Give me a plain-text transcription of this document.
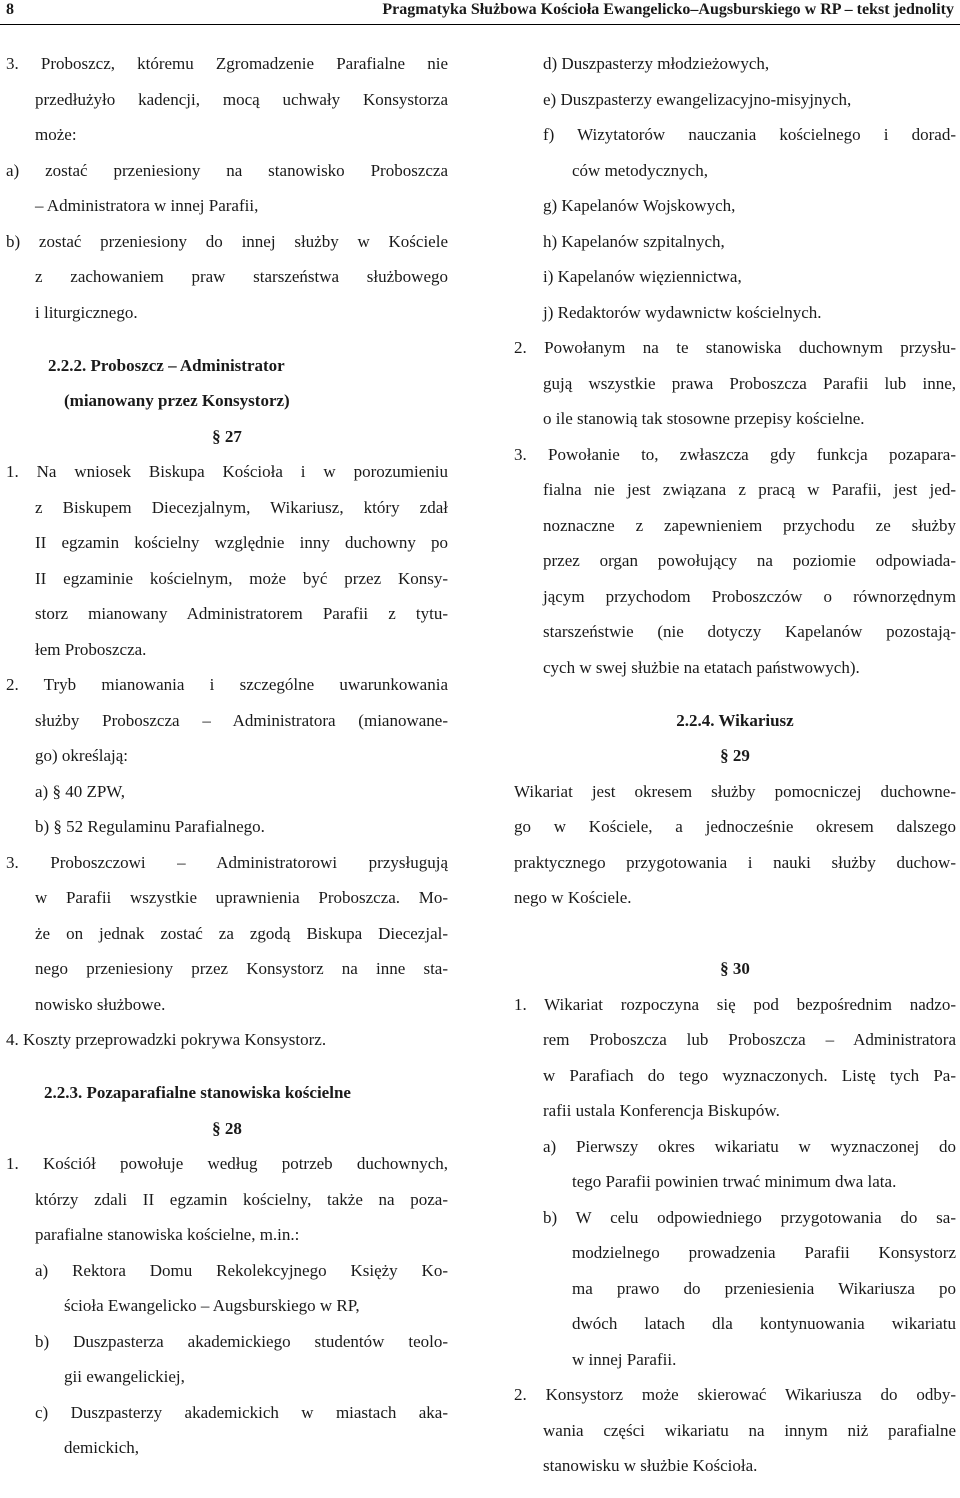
8	Pragmatyka Służbowa Kościoła Ewangelicko–Augsburskiego w RP – tekst jednolity
3. Proboszcz, któremu Zgromadzenie Parafialne nie
przedłużyło kadencji, mocą uchwały Konsystorza
może:
a) zostać przeniesiony na stanowisko Proboszcza
– Administratora w innej Parafii,
b) zostać przeniesiony do innej służby w Kościele
z zachowaniem praw starszeństwa służbowego
i liturgicznego.
2.2.2. Proboszcz – Administrator
(mianowany przez Konsystorz)
§ 27
1. Na wniosek Biskupa Kościoła i w porozumieniu
z Biskupem Diecezjalnym, Wikariusz, który zdał
II egzamin kościelny względnie inny duchowny po
II egzaminie kościelnym, może być przez Konsy-
storz mianowany Administratorem Parafii z tytu-
łem Proboszcza.
2. Tryb mianowania i szczególne uwarunkowania
służby Proboszcza – Administratora (mianowane-
go) określają:
a) § 40 ZPW,
b) § 52 Regulaminu Parafialnego.
3. Proboszczowi – Administratorowi przysługują
w Parafii wszystkie uprawnienia Proboszcza. Mo-
że on jednak zostać za zgodą Biskupa Diecezjal-
nego przeniesiony przez Konsystorz na inne sta-
nowisko służbowe.
4. Koszty przeprowadzki pokrywa Konsystorz.
2.2.3. Pozaparafialne stanowiska kościelne
§ 28
1. Kościół powołuje według potrzeb duchownych,
którzy zdali II egzamin kościelny, także na poza-
parafialne stanowiska kościelne, m.in.:
a) Rektora Domu Rekolekcyjnego Księży Ko-
ścioła Ewangelicko – Augsburskiego w RP,
b) Duszpasterza akademickiego studentów teolo-
gii ewangelickiej,
c) Duszpasterzy akademickich w miastach aka-
demickich,
d) Duszpasterzy młodzieżowych,
e) Duszpasterzy ewangelizacyjno-misyjnych,
f) Wizytatorów nauczania kościelnego i dorad-
ców metodycznych,
g) Kapelanów Wojskowych,
h) Kapelanów szpitalnych,
i) Kapelanów więziennictwa,
j) Redaktorów wydawnictw kościelnych.
2. Powołanym na te stanowiska duchownym przysłu-
gują wszystkie prawa Proboszcza Parafii lub inne,
o ile stanowią tak stosowne przepisy kościelne.
3. Powołanie to, zwłaszcza gdy funkcja pozapara-
fialna nie jest związana z pracą w Parafii, jest jed-
noznaczne z zapewnieniem przychodu ze służby
przez organ powołujący na poziomie odpowiada-
jącym przychodom Proboszczów o równorzędnym
starszeństwie (nie dotyczy Kapelanów pozostają-
cych w swej służbie na etatach państwowych).
2.2.4. Wikariusz
§ 29
Wikariat jest okresem służby pomocniczej duchowne-
go w Kościele, a jednocześnie okresem dalszego
praktycznego przygotowania i nauki służby duchow-
nego w Kościele.
§ 30
1. Wikariat rozpoczyna się pod bezpośrednim nadzo-
rem Proboszcza lub Proboszcza – Administratora
w Parafiach do tego wyznaczonych. Listę tych Pa-
rafii ustala Konferencja Biskupów.
a) Pierwszy okres wikariatu w wyznaczonej do
tego Parafii powinien trwać minimum dwa lata.
b) W celu odpowiedniego przygotowania do sa-
modzielnego prowadzenia Parafii Konsystorz
ma prawo do przeniesienia Wikariusza po
dwóch latach dla kontynuowania wikariatu
w innej Parafii.
2. Konsystorz może skierować Wikariusza do odby-
wania części wikariatu na innym niż parafialne
stanowisku w służbie Kościoła.
